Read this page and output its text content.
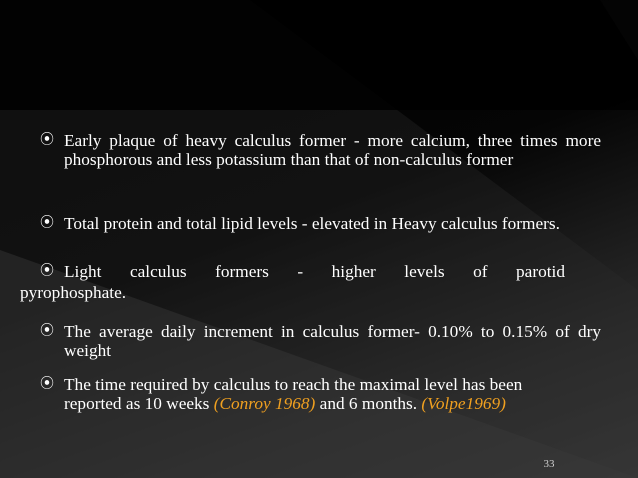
⦿ Early plaque of heavy calculus former - more calcium, three times more phosphorous and less potassium than that of non-calculus former
⦿ Total protein and total lipid levels - elevated in Heavy calculus formers.
⦿ Light calculus formers - higher levels of parotid
pyrophosphate.
⦿ The average daily increment in calculus former- 0.10% to 0.15% of dry weight
⦿ The time required by calculus to reach the maximal level has been reported as 10 weeks (Conroy 1968) and 6 months. (Volpe1969)
33
